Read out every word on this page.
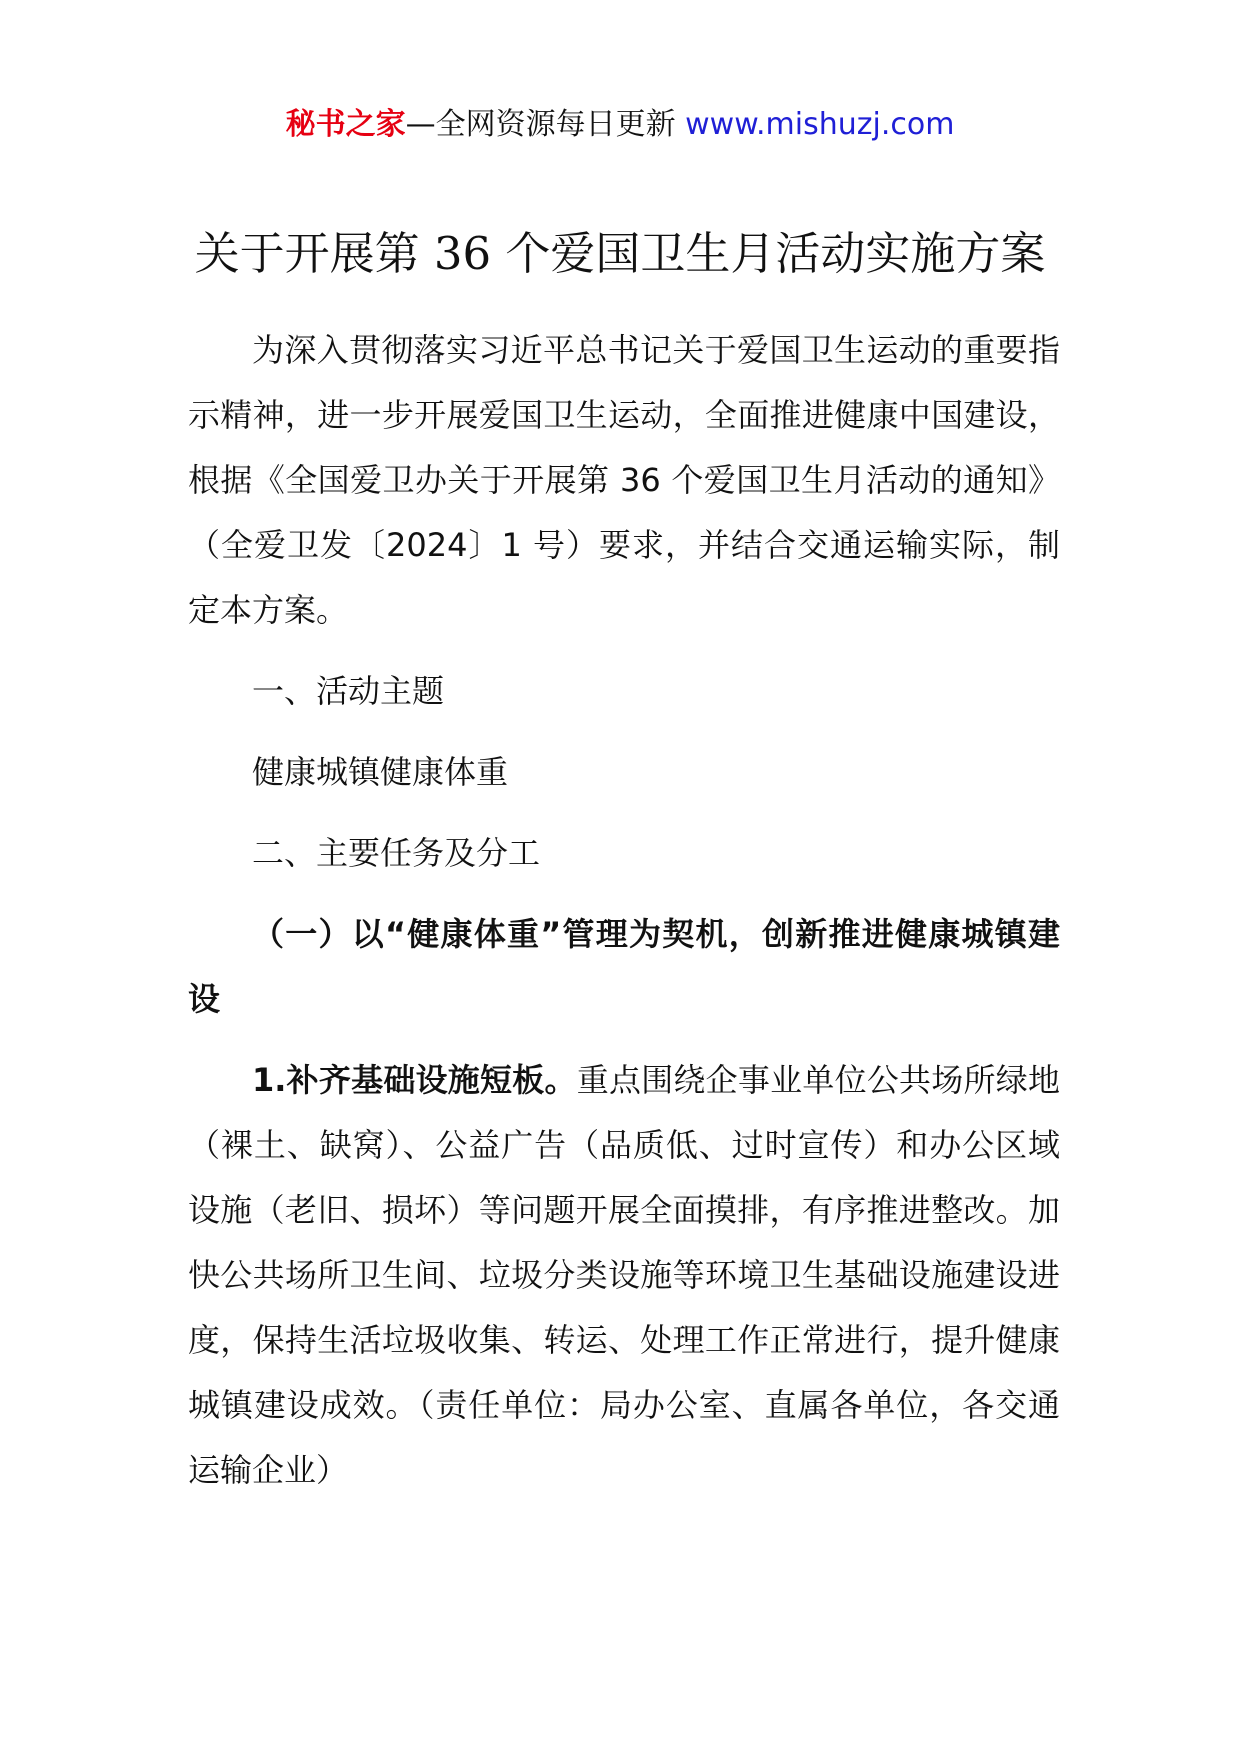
秘书之家—全网资源每日更新 www.mishuzj.com
关于开展第 36 个爱国卫生月活动实施方案

为深入贯彻落实习近平总书记关于爱国卫生运动的重要指示精神，进一步开展爱国卫生运动，全面推进健康中国建设，根据《全国爱卫办关于开展第 36 个爱国卫生月活动的通知》（全爱卫发〔2024〕1 号）要求，并结合交通运输实际，制定本方案。

一、活动主题

健康城镇健康体重

二、主要任务及分工

（一）以“健康体重”管理为契机，创新推进健康城镇建设

1.补齐基础设施短板。重点围绕企事业单位公共场所绿地（裸土、缺窝）、公益广告（品质低、过时宣传）和办公区域设施（老旧、损坏）等问题开展全面摸排，有序推进整改。加快公共场所卫生间、垃圾分类设施等环境卫生基础设施建设进度，保持生活垃圾收集、转运、处理工作正常进行，提升健康城镇建设成效。（责任单位：局办公室、直属各单位，各交通运输企业）
